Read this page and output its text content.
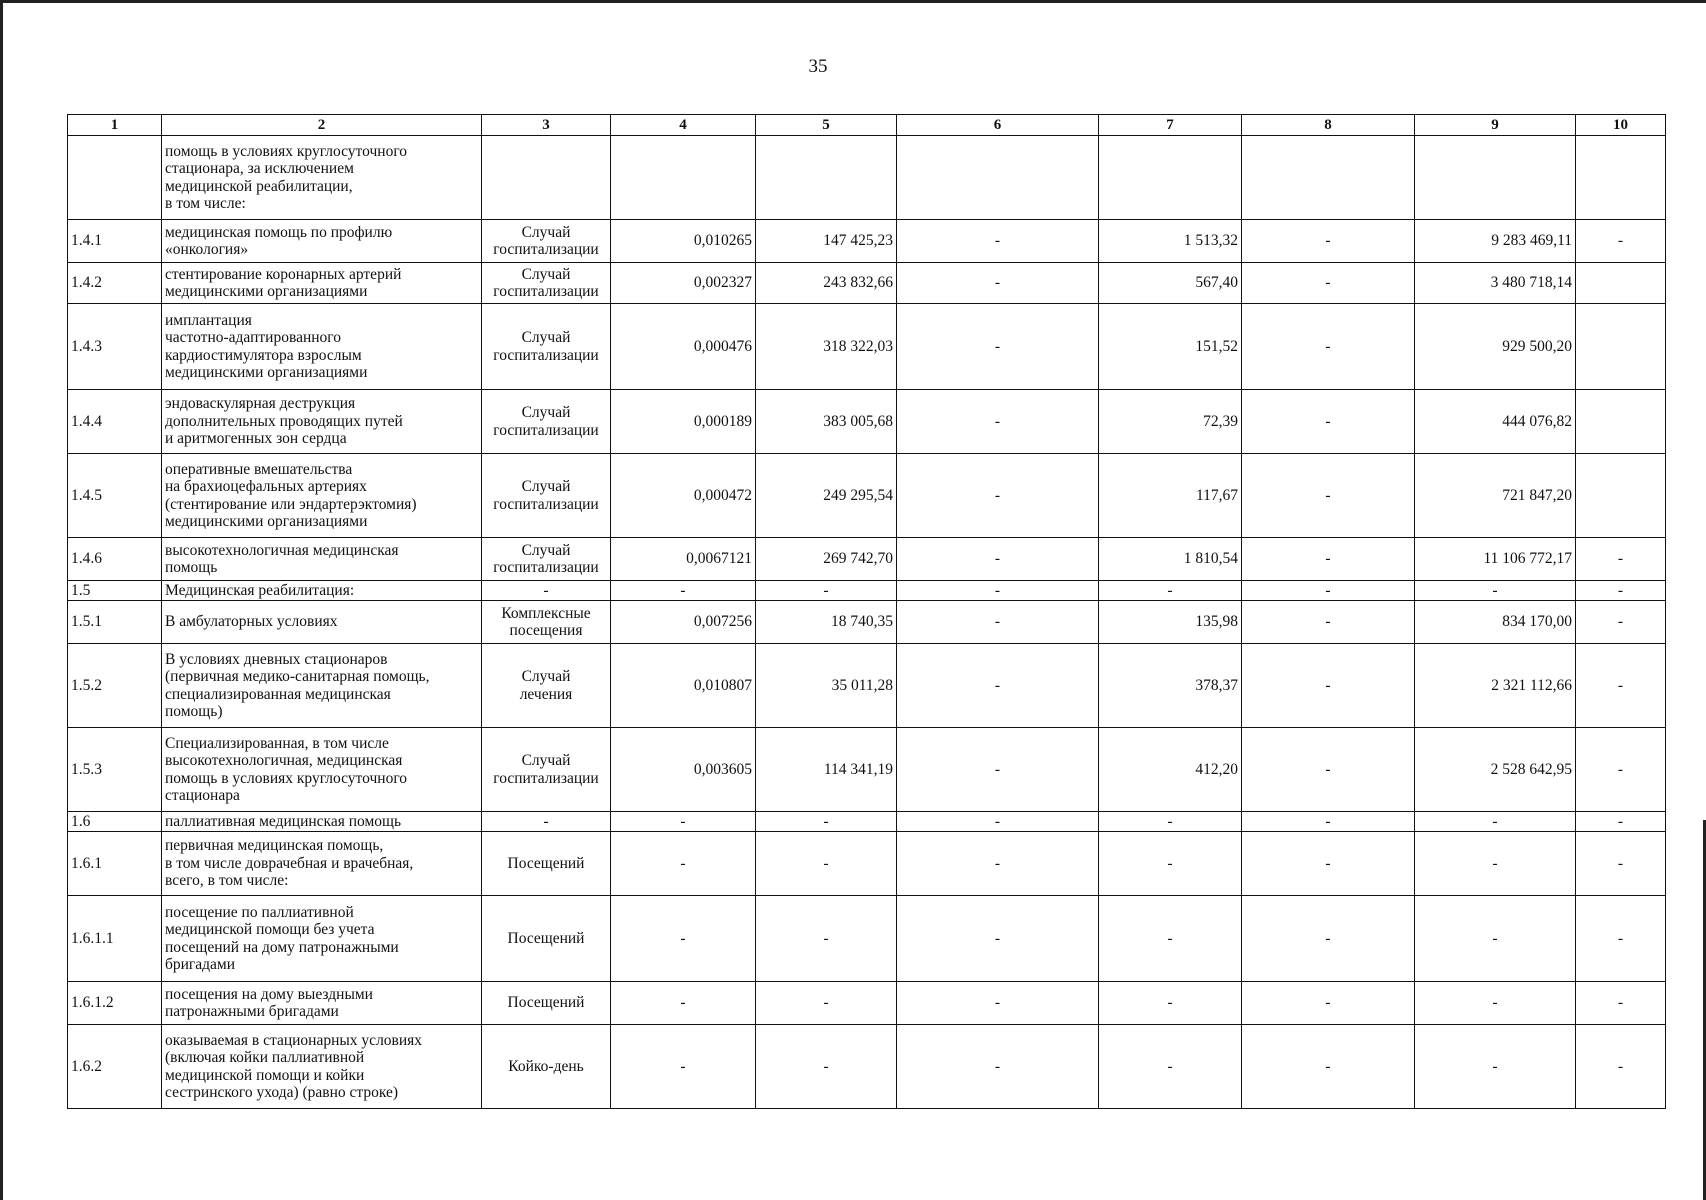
35
1	2	3	4	5	6	7	8	9	10
	помощь в условиях круглосуточного
стационара, за исключением
медицинской реабилитации,
в том числе:								
1.4.1	медицинская помощь по профилю
«онкология»	Случай
госпитализации	0,010265	147 425,23	-	1 513,32	-	9 283 469,11	-
1.4.2	стентирование коронарных артерий
медицинскими организациями	Случай
госпитализации	0,002327	243 832,66	-	567,40	-	3 480 718,14	
1.4.3	имплантация
частотно-адаптированного
кардиостимулятора взрослым
медицинскими организациями	Случай
госпитализации	0,000476	318 322,03	-	151,52	-	929 500,20	
1.4.4	эндоваскулярная деструкция
дополнительных проводящих путей
и аритмогенных зон сердца	Случай
госпитализации	0,000189	383 005,68	-	72,39	-	444 076,82	
1.4.5	оперативные вмешательства
на брахиоцефальных артериях
(стентирование или эндартерэктомия)
медицинскими организациями	Случай
госпитализации	0,000472	249 295,54	-	117,67	-	721 847,20	
1.4.6	высокотехнологичная медицинская
помощь	Случай
госпитализации	0,0067121	269 742,70	-	1 810,54	-	11 106 772,17	-
1.5	Медицинская реабилитация:	-	-	-	-	-	-	-	-
1.5.1	В амбулаторных условиях	Комплексные
посещения	0,007256	18 740,35	-	135,98	-	834 170,00	-
1.5.2	В условиях дневных стационаров
(первичная медико-санитарная помощь,
специализированная медицинская
помощь)	Случай
лечения	0,010807	35 011,28	-	378,37	-	2 321 112,66	-
1.5.3	Специализированная, в том числе
высокотехнологичная, медицинская
помощь в условиях круглосуточного
стационара	Случай
госпитализации	0,003605	114 341,19	-	412,20	-	2 528 642,95	-
1.6	паллиативная медицинская помощь	-	-	-	-	-	-	-	-
1.6.1	первичная медицинская помощь,
в том числе доврачебная и врачебная,
всего, в том числе:	Посещений	-	-	-	-	-	-	-
1.6.1.1	посещение по паллиативной
медицинской помощи без учета
посещений на дому патронажными
бригадами	Посещений	-	-	-	-	-	-	-
1.6.1.2	посещения на дому выездными
патронажными бригадами	Посещений	-	-	-	-	-	-	-
1.6.2	оказываемая в стационарных условиях
(включая койки паллиативной
медицинской помощи и койки
сестринского ухода) (равно строке)	Койко-день	-	-	-	-	-	-	-
